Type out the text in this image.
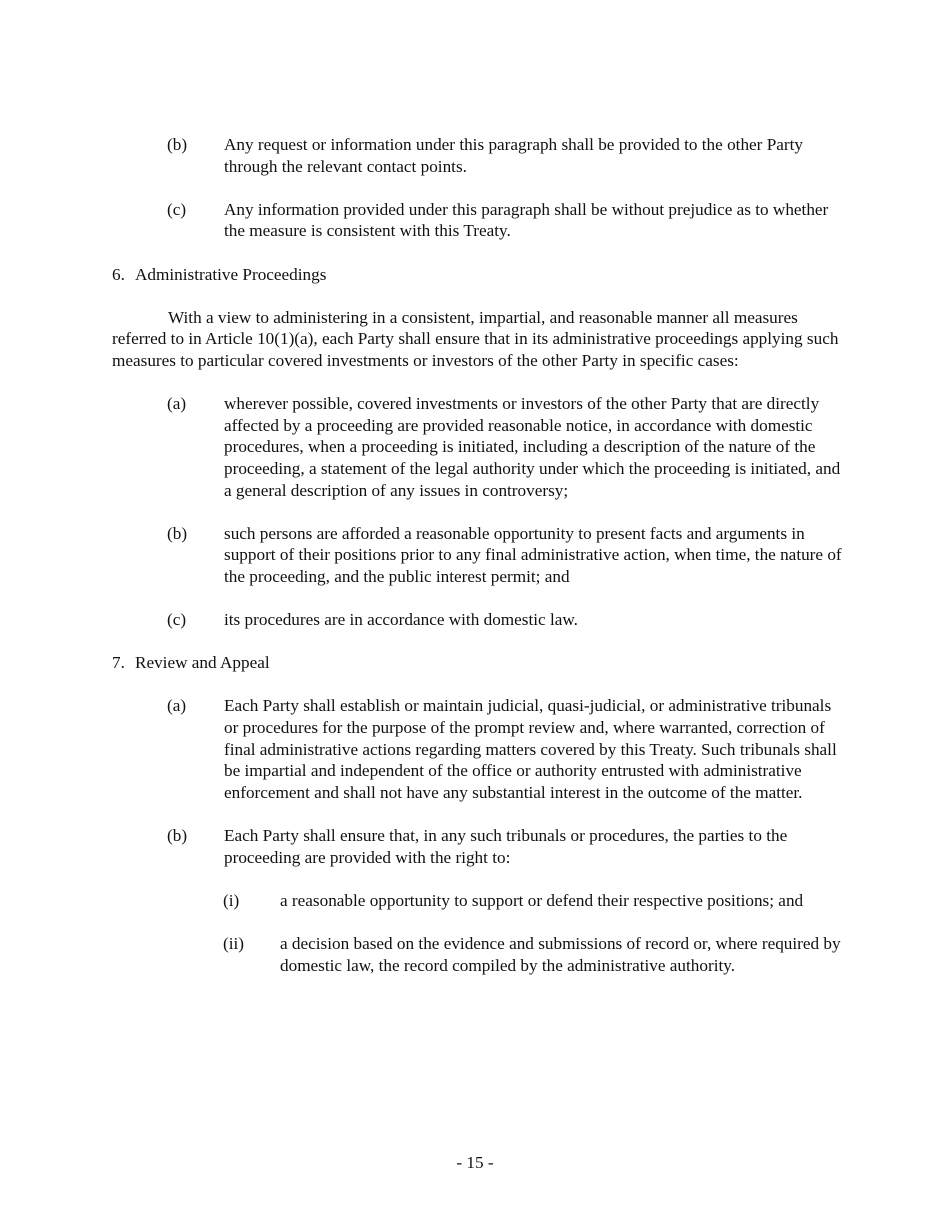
(b) Any request or information under this paragraph shall be provided to the other Party through the relevant contact points.
(c) Any information provided under this paragraph shall be without prejudice as to whether the measure is consistent with this Treaty.
6. Administrative Proceedings
With a view to administering in a consistent, impartial, and reasonable manner all measures referred to in Article 10(1)(a), each Party shall ensure that in its administrative proceedings applying such measures to particular covered investments or investors of the other Party in specific cases:
(a) wherever possible, covered investments or investors of the other Party that are directly affected by a proceeding are provided reasonable notice, in accordance with domestic procedures, when a proceeding is initiated, including a description of the nature of the proceeding, a statement of the legal authority under which the proceeding is initiated, and a general description of any issues in controversy;
(b) such persons are afforded a reasonable opportunity to present facts and arguments in support of their positions prior to any final administrative action, when time, the nature of the proceeding, and the public interest permit; and
(c) its procedures are in accordance with domestic law.
7. Review and Appeal
(a) Each Party shall establish or maintain judicial, quasi-judicial, or administrative tribunals or procedures for the purpose of the prompt review and, where warranted, correction of final administrative actions regarding matters covered by this Treaty. Such tribunals shall be impartial and independent of the office or authority entrusted with administrative enforcement and shall not have any substantial interest in the outcome of the matter.
(b) Each Party shall ensure that, in any such tribunals or procedures, the parties to the proceeding are provided with the right to:
(i) a reasonable opportunity to support or defend their respective positions; and
(ii) a decision based on the evidence and submissions of record or, where required by domestic law, the record compiled by the administrative authority.
- 15 -
